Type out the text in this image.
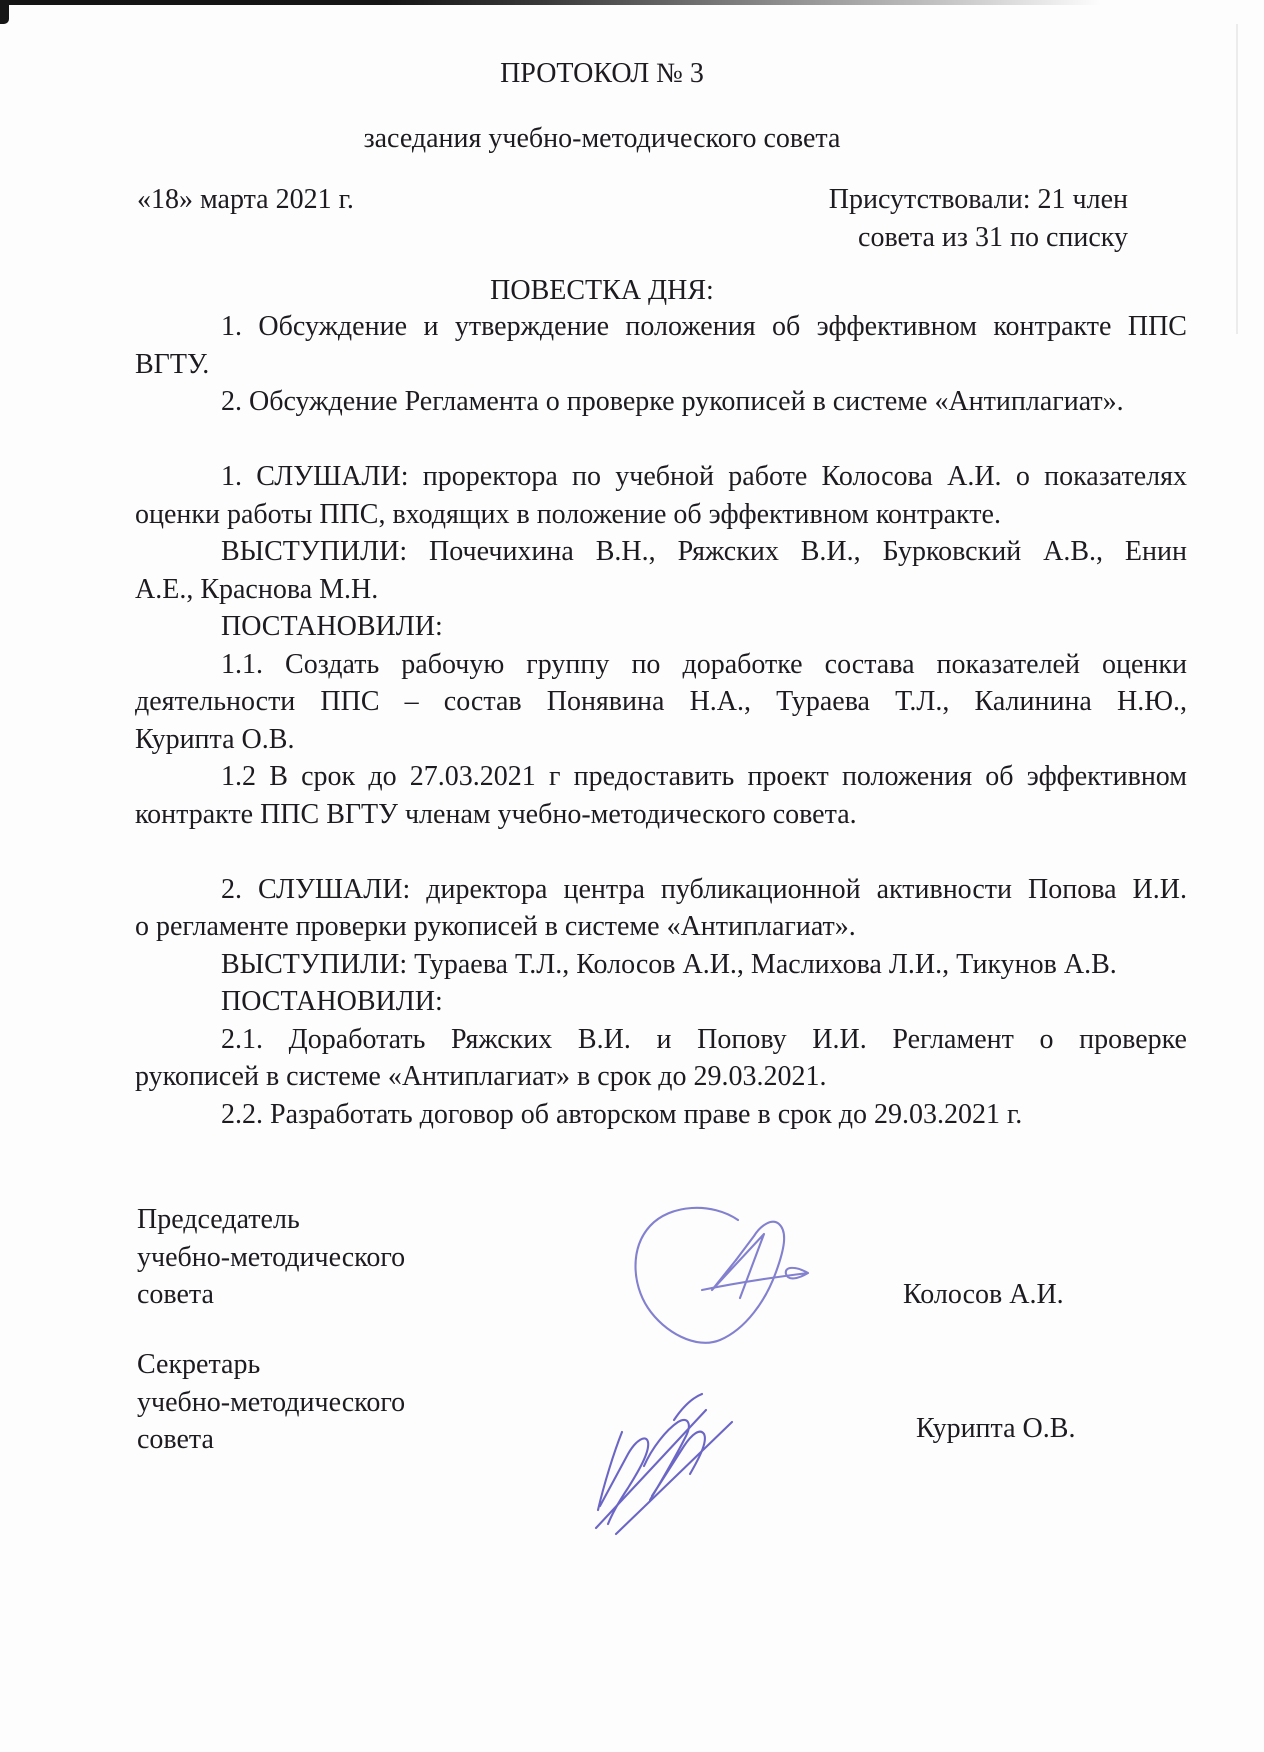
ПРОТОКОЛ № 3
заседания учебно-методического совета
«18» марта 2021 г.	Присутствовали: 21 член
совета из 31 по списку
ПОВЕСТКА ДНЯ:
1. Обсуждение и утверждение положения об эффективном контракте ППС
ВГТУ.
2. Обсуждение Регламента о проверке рукописей в системе «Антиплагиат».
1. СЛУШАЛИ: проректора по учебной работе Колосова А.И. о показателях
оценки работы ППС, входящих в положение об эффективном контракте.
ВЫСТУПИЛИ: Почечихина В.Н., Ряжских В.И., Бурковский А.В., Енин
А.Е., Краснова М.Н.
ПОСТАНОВИЛИ:
1.1. Создать рабочую группу по доработке состава показателей оценки
деятельности ППС – состав Понявина Н.А., Тураева Т.Л., Калинина Н.Ю.,
Курипта О.В.
1.2 В срок до 27.03.2021 г предоставить проект положения об эффективном
контракте ППС ВГТУ членам учебно-методического совета.
2. СЛУШАЛИ: директора центра публикационной активности Попова И.И.
о регламенте проверки рукописей в системе «Антиплагиат».
ВЫСТУПИЛИ: Тураева Т.Л., Колосов А.И., Маслихова Л.И., Тикунов А.В.
ПОСТАНОВИЛИ:
2.1. Доработать Ряжских В.И. и Попову И.И. Регламент о проверке
рукописей в системе «Антиплагиат» в срок до 29.03.2021.
2.2. Разработать договор об авторском праве в срок до 29.03.2021 г.
Председатель
учебно-методического
совета	Колосов А.И.
Секретарь
учебно-методического
совета	Курипта О.В.
